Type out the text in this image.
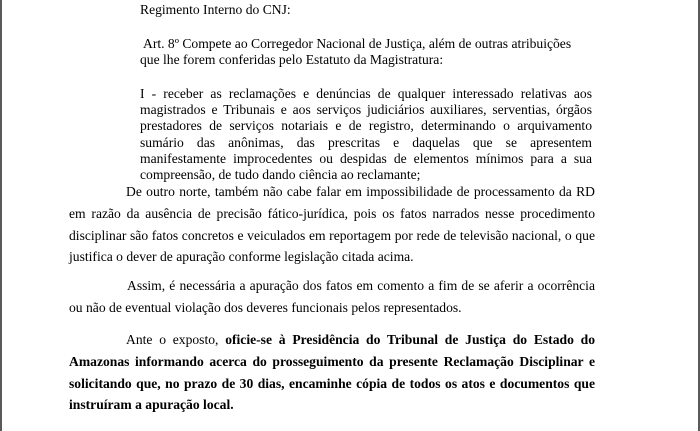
Regimento Interno do CNJ:
Art. 8º Compete ao Corregedor Nacional de Justiça, além de outras atribuições que lhe forem conferidas pelo Estatuto da Magistratura:
I - receber as reclamações e denúncias de qualquer interessado relativas aos magistrados e Tribunais e aos serviços judiciários auxiliares, serventias, órgãos prestadores de serviços notariais e de registro, determinando o arquivamento sumário das anônimas, das prescritas e daquelas que se apresentem manifestamente improcedentes ou despidas de elementos mínimos para a sua compreensão, de tudo dando ciência ao reclamante;
De outro norte, também não cabe falar em impossibilidade de processamento da RD em razão da ausência de precisão fático-jurídica, pois os fatos narrados nesse procedimento disciplinar são fatos concretos e veiculados em reportagem por rede de televisão nacional, o que justifica o dever de apuração conforme legislação citada acima.
Assim, é necessária a apuração dos fatos em comento a fim de se aferir a ocorrência ou não de eventual violação dos deveres funcionais pelos representados.
Ante o exposto, oficie-se à Presidência do Tribunal de Justiça do Estado do Amazonas informando acerca do prosseguimento da presente Reclamação Disciplinar e solicitando que, no prazo de 30 dias, encaminhe cópia de todos os atos e documentos que instruíram a apuração local.
